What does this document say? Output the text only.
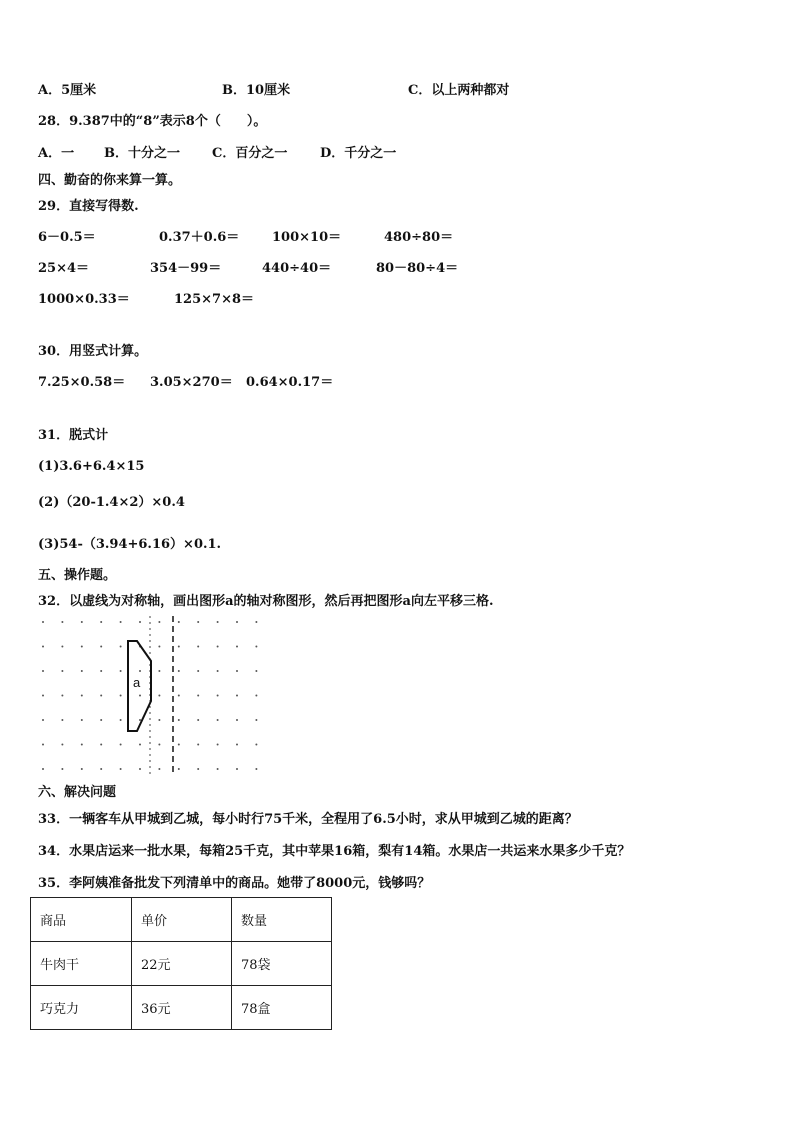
A．5厘米	B．10厘米	C．以上两种都对
28．9.387中的“8”表示8个（　　）。
A．一 B．十分之一 C．百分之一	D．千分之一
四、勤奋的你来算一算。
29．直接写得数.
6－0.5＝	0.37＋0.6＝	100×10＝	480÷80＝
25×4＝	354－99＝	440÷40＝	80－80÷4＝
1000×0.33＝	125×7×8＝
30．用竖式计算。
7.25×0.58＝ 3.05×270＝ 0.64×0.17＝
31．脱式计
(1)3.6+6.4×15
(2)（20-1.4×2）×0.4
(3)54-（3.94+6.16）×0.1.
五、操作题。
32．以虚线为对称轴，画出图形a的轴对称图形，然后再把图形a向左平移三格.
a
六、解决问题
33．一辆客车从甲城到乙城，每小时行75千米，全程用了6.5小时，求从甲城到乙城的距离？
34．水果店运来一批水果，每箱25千克，其中苹果16箱，梨有14箱。水果店一共运来水果多少千克？
35．李阿姨准备批发下列清单中的商品。她带了8000元，钱够吗？
商品	单价	数量
牛肉干	22元	78袋
巧克力	36元	78盒
